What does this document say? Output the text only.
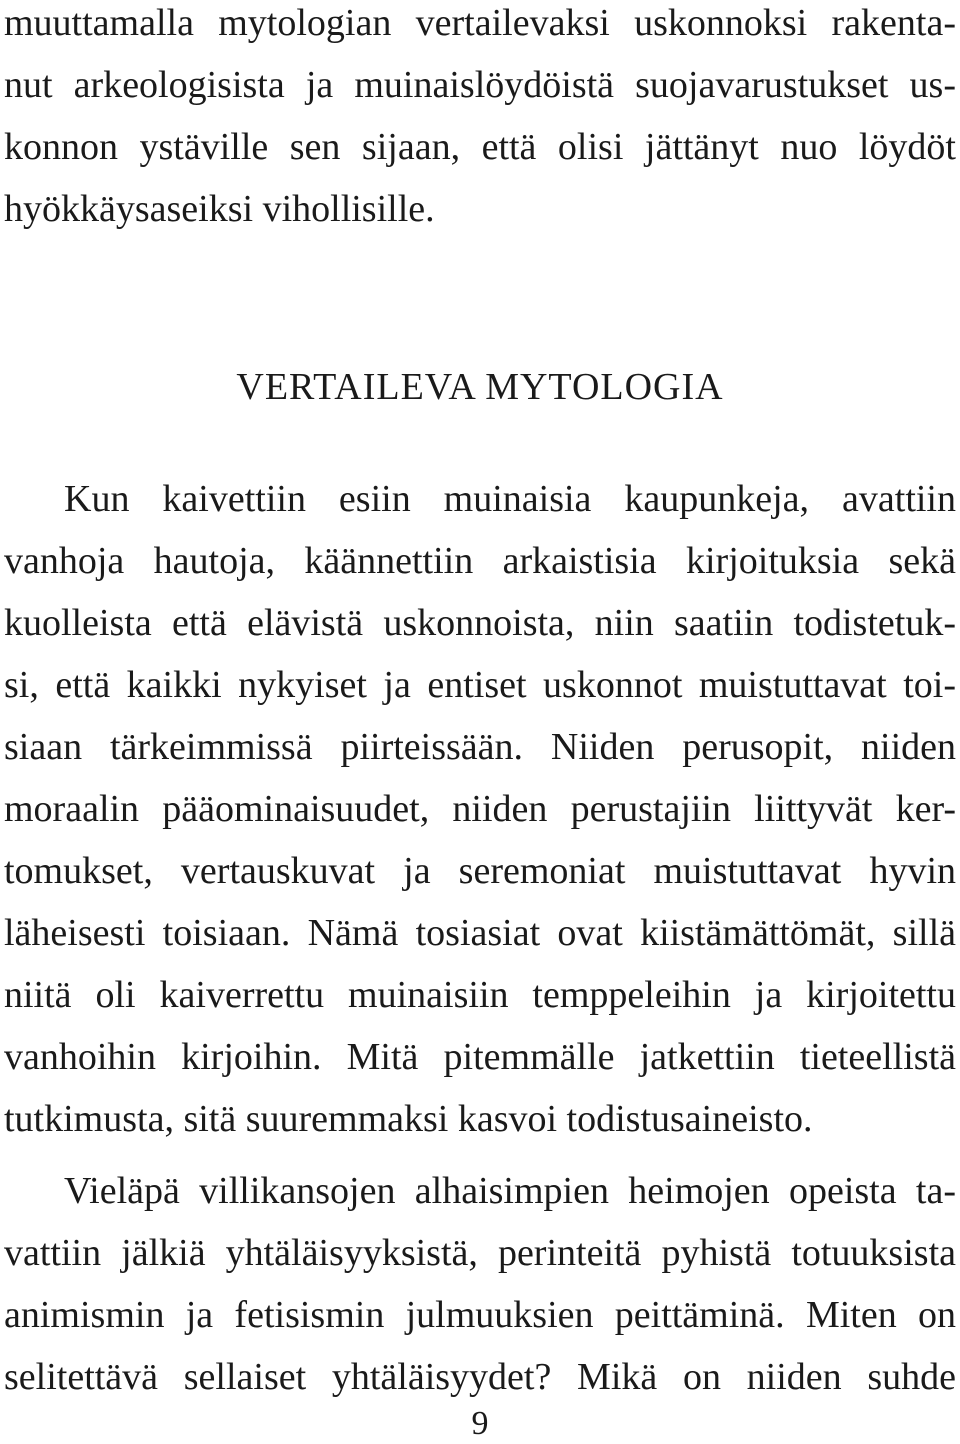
muuttamalla mytologian vertailevaksi uskonnoksi rakenta-
nut arkeologisista ja muinaislöydöistä suojavarustukset us-
konnon ystäville sen sijaan, että olisi jättänyt nuo löydöt
hyökkäysaseiksi vihollisille.
VERTAILEVA MYTOLOGIA
Kun kaivettiin esiin muinaisia kaupunkeja, avattiin
vanhoja hautoja, käännettiin arkaistisia kirjoituksia sekä
kuolleista että elävistä uskonnoista, niin saatiin todistetuk-
si, että kaikki nykyiset ja entiset uskonnot muistuttavat toi-
siaan tärkeimmissä piirteissään. Niiden perusopit, niiden
moraalin pääominaisuudet, niiden perustajiin liittyvät ker-
tomukset, vertauskuvat ja seremoniat muistuttavat hyvin
läheisesti toisiaan. Nämä tosiasiat ovat kiistämättömät, sillä
niitä oli kaiverrettu muinaisiin temppeleihin ja kirjoitettu
vanhoihin kirjoihin. Mitä pitemmälle jatkettiin tieteellistä
tutkimusta, sitä suuremmaksi kasvoi todistusaineisto.
Vieläpä villikansojen alhaisimpien heimojen opeista ta-
vattiin jälkiä yhtäläisyyksistä, perinteitä pyhistä totuuksista
animismin ja fetisismin julmuuksien peittäminä. Miten on
selitettävä sellaiset yhtäläisyydet? Mikä on niiden suhde
9
